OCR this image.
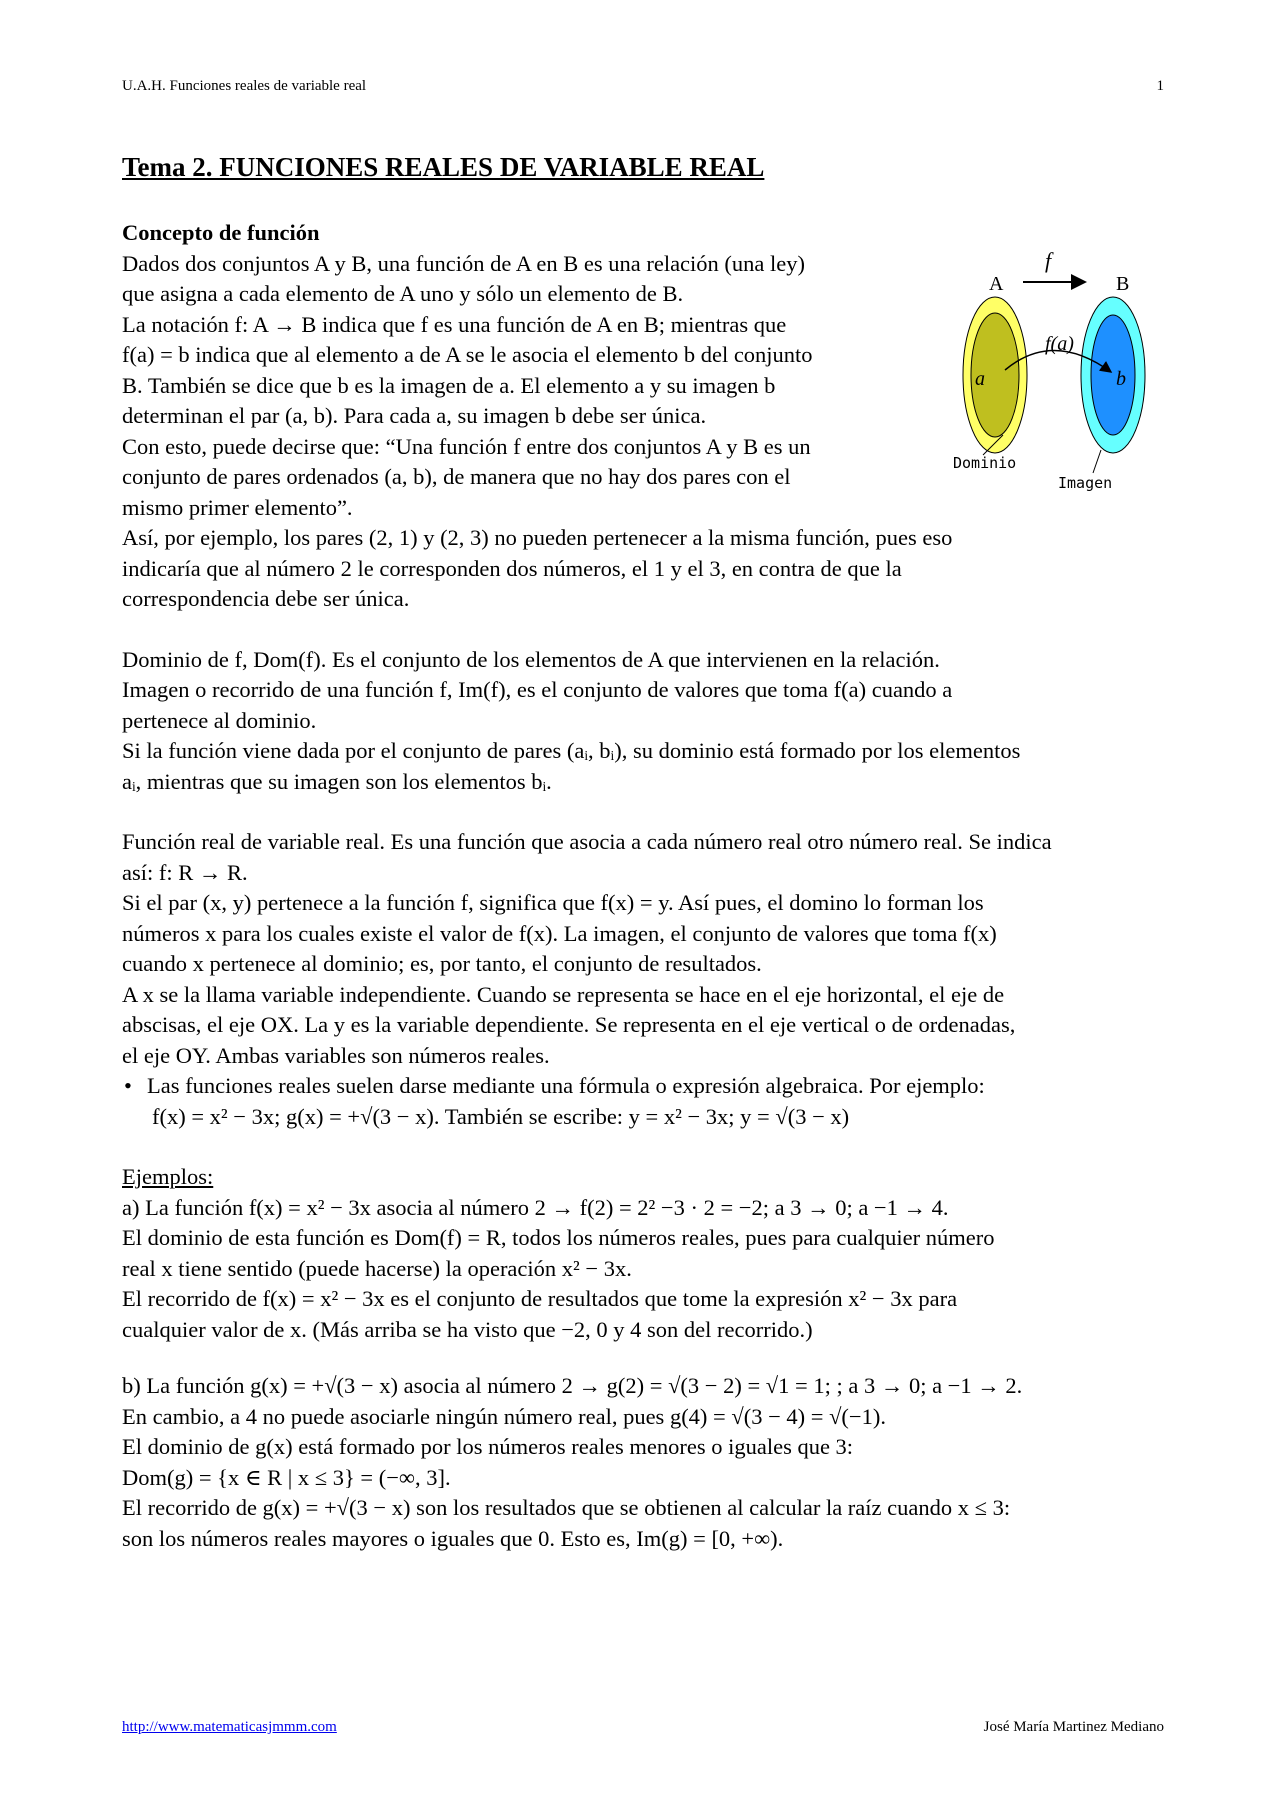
U.A.H. Funciones reales de variable real	1
Tema 2. FUNCIONES REALES DE VARIABLE REAL

Concepto de función

Dados dos conjuntos A y B, una función de A en B es una relación (una ley)

que asigna a cada elemento de A uno y sólo un elemento de B.

La notación f: A → B indica que f es una función de A en B; mientras que

f(a) = b indica que al elemento a de A se le asocia el elemento b del conjunto

B. También se dice que b es la imagen de a. El elemento a y su imagen b

determinan el par (a, b). Para cada a, su imagen b debe ser única.

Con esto, puede decirse que: “Una función f entre dos conjuntos A y B es un

conjunto de pares ordenados (a, b), de manera que no hay dos pares con el

mismo primer elemento”.

Así, por ejemplo, los pares (2, 1) y (2, 3) no pueden pertenecer a la misma función, pues eso

indicaría que al número 2 le corresponden dos números, el 1 y el 3, en contra de que la

correspondencia debe ser única.

Dominio de f, Dom(f). Es el conjunto de los elementos de A que intervienen en la relación.

Imagen o recorrido de una función f, Im(f), es el conjunto de valores que toma f(a) cuando a

pertenece al dominio.

Si la función viene dada por el conjunto de pares (aᵢ, bᵢ), su dominio está formado por los elementos

aᵢ, mientras que su imagen son los elementos bᵢ.

Función real de variable real. Es una función que asocia a cada número real otro número real. Se indica

así: f: R → R.

Si el par (x, y) pertenece a la función f, significa que f(x) = y. Así pues, el domino lo forman los

números x para los cuales existe el valor de f(x). La imagen, el conjunto de valores que toma f(x)

cuando x pertenece al dominio; es, por tanto, el conjunto de resultados.

A x se la llama variable independiente. Cuando se representa se hace en el eje horizontal, el eje de

abscisas, el eje OX. La y es la variable dependiente. Se representa en el eje vertical o de ordenadas,

el eje OY. Ambas variables son números reales.

• Las funciones reales suelen darse mediante una fórmula o expresión algebraica. Por ejemplo:

f(x) = x² − 3x; g(x) = +√(3 − x). También se escribe: y = x² − 3x; y = √(3 − x)

Ejemplos:

a) La función f(x) = x² − 3x asocia al número 2 → f(2) = 2² −3 · 2 = −2; a 3 → 0; a −1 → 4.

El dominio de esta función es Dom(f) = R, todos los números reales, pues para cualquier número

real x tiene sentido (puede hacerse) la operación x² − 3x.

El recorrido de f(x) = x² − 3x es el conjunto de resultados que tome la expresión x² − 3x para

cualquier valor de x. (Más arriba se ha visto que −2, 0 y 4 son del recorrido.)

b) La función g(x) = +√(3 − x) asocia al número 2 → g(2) = √(3 − 2) = √1 = 1; ; a 3 → 0; a −1 → 2.

En cambio, a 4 no puede asociarle ningún número real, pues g(4) = √(3 − 4) = √(−1).

El dominio de g(x) está formado por los números reales menores o iguales que 3:

Dom(g) = {x ∈ R | x ≤ 3} = (−∞, 3].

El recorrido de g(x) = +√(3 − x) son los resultados que se obtienen al calcular la raíz cuando x ≤ 3:

son los números reales mayores o iguales que 0. Esto es, Im(g) = [0, +∞).

f
A	B
f(a)
a	b
Dominio
Imagen
http://www.matematicasjmmm.com	José María Martinez Mediano
